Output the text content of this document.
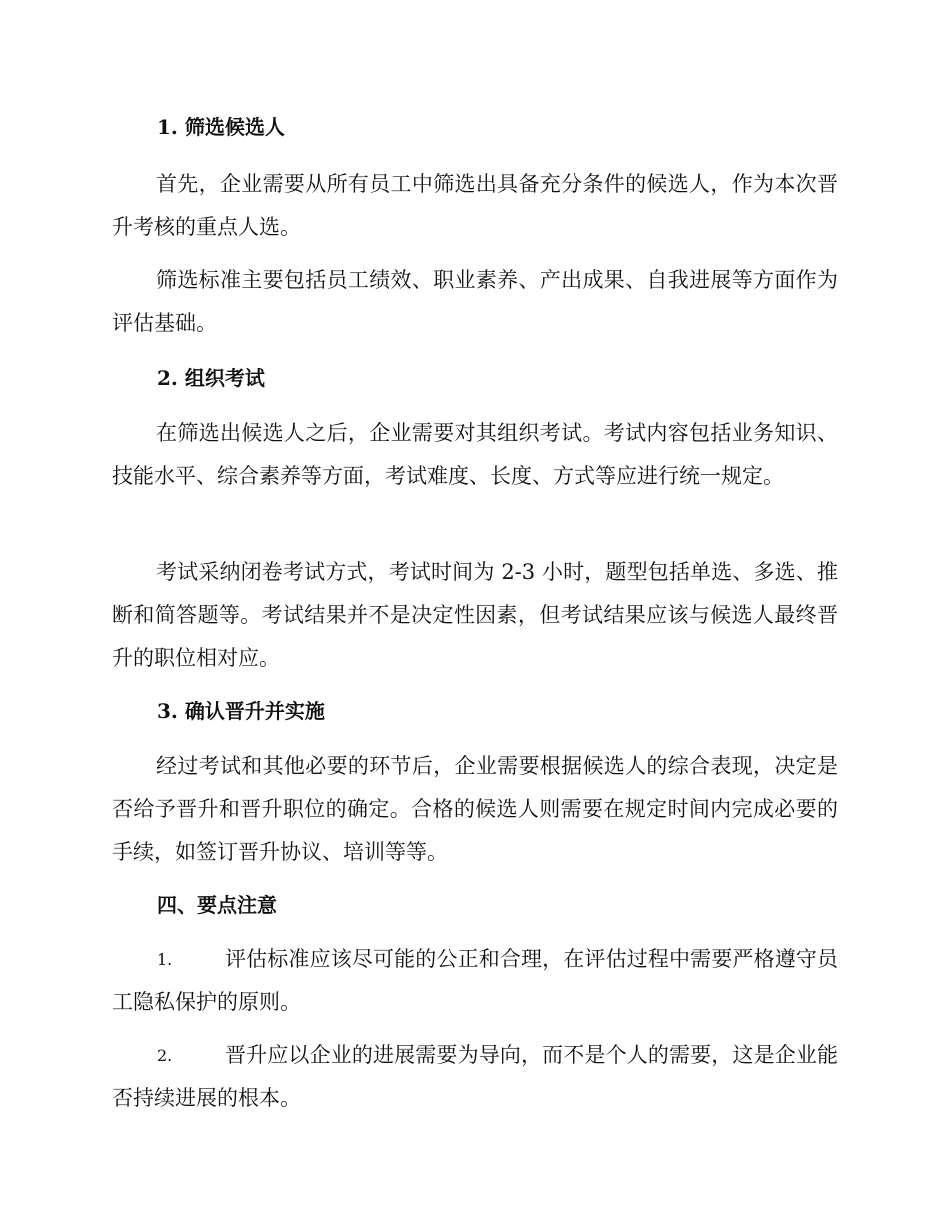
1. 筛选候选人
首先，企业需要从所有员工中筛选出具备充分条件的候选人，作为本次晋升考核的重点人选。
筛选标准主要包括员工绩效、职业素养、产出成果、自我进展等方面作为评估基础。
2. 组织考试
在筛选出候选人之后，企业需要对其组织考试。考试内容包括业务知识、技能水平、综合素养等方面，考试难度、长度、方式等应进行统一规定。
考试采纳闭卷考试方式，考试时间为 2-3 小时，题型包括单选、多选、推断和简答题等。考试结果并不是决定性因素，但考试结果应该与候选人最终晋升的职位相对应。
3. 确认晋升并实施
经过考试和其他必要的环节后，企业需要根据候选人的综合表现，决定是否给予晋升和晋升职位的确定。合格的候选人则需要在规定时间内完成必要的手续，如签订晋升协议、培训等等。
四、要点注意
1.	评估标准应该尽可能的公正和合理，在评估过程中需要严格遵守员工隐私保护的原则。
2.	晋升应以企业的进展需要为导向，而不是个人的需要，这是企业能否持续进展的根本。
